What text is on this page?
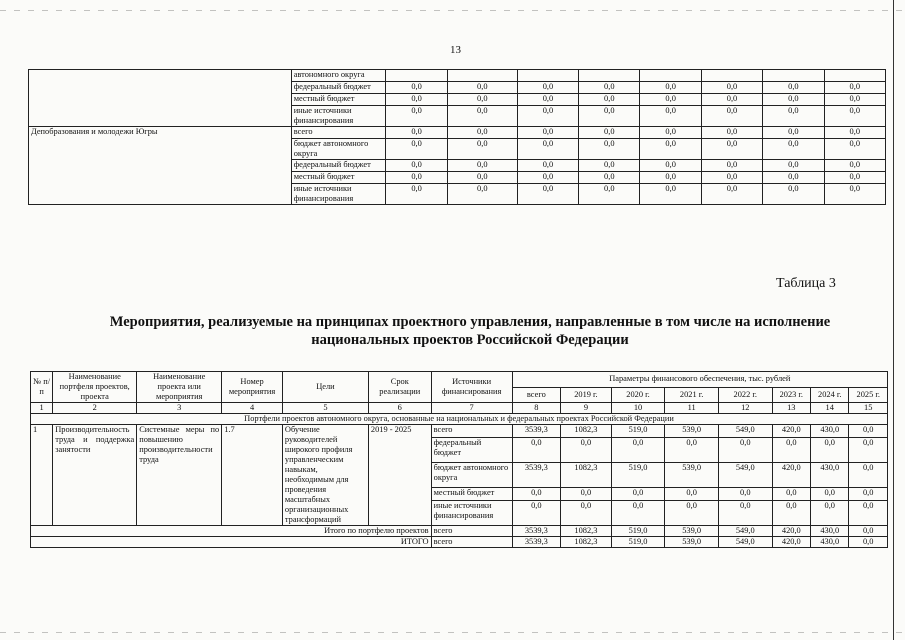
13
	автономного округа								
	федеральный бюджет	0,0	0,0	0,0	0,0	0,0	0,0	0,0	0,0
	местный бюджет	0,0	0,0	0,0	0,0	0,0	0,0	0,0	0,0
	иные источники финансирования	0,0	0,0	0,0	0,0	0,0	0,0	0,0	0,0
Депобразования и молодежи Югры	всего	0,0	0,0	0,0	0,0	0,0	0,0	0,0	0,0
	бюджет автономного округа	0,0	0,0	0,0	0,0	0,0	0,0	0,0	0,0
	федеральный бюджет	0,0	0,0	0,0	0,0	0,0	0,0	0,0	0,0
	местный бюджет	0,0	0,0	0,0	0,0	0,0	0,0	0,0	0,0
	иные источники финансирования	0,0	0,0	0,0	0,0	0,0	0,0	0,0	0,0
Таблица 3
Мероприятия, реализуемые на принципах проектного управления, направленные в том числе на исполнение национальных проектов Российской Федерации
№ п/п	Наименование портфеля проектов, проекта	Наименование проекта или мероприятия	Номер мероприятия	Цели	Срок реализации	Источники финансирования	Параметры финансового обеспечения, тыс. рублей							
							всего	2019 г.	2020 г.	2021 г.	2022 г.	2023 г.	2024 г.	2025 г.
1	2	3	4	5	6	7	8	9	10	11	12	13	14	15
Портфели проектов автономного округа, основанные на национальных и федеральных проектах Российской Федерации														
1	Производительность труда и поддержка занятости	Системные меры по повышению производительности труда	1.7	Обучение руководителей широкого профиля управленческим навыкам, необходимым для проведения масштабных организационных трансформаций	2019 - 2025	всего	3539,3	1082,3	519,0	539,0	549,0	420,0	430,0	0,0
						федеральный бюджет	0,0	0,0	0,0	0,0	0,0	0,0	0,0	0,0
						бюджет автономного округа	3539,3	1082,3	519,0	539,0	549,0	420,0	430,0	0,0
						местный бюджет	0,0	0,0	0,0	0,0	0,0	0,0	0,0	0,0
						иные источники финансирования	0,0	0,0	0,0	0,0	0,0	0,0	0,0	0,0
Итого по портфелю проектов						всего	3539,3	1082,3	519,0	539,0	549,0	420,0	430,0	0,0
ИТОГО						всего	3539,3	1082,3	519,0	539,0	549,0	420,0	430,0	0,0
